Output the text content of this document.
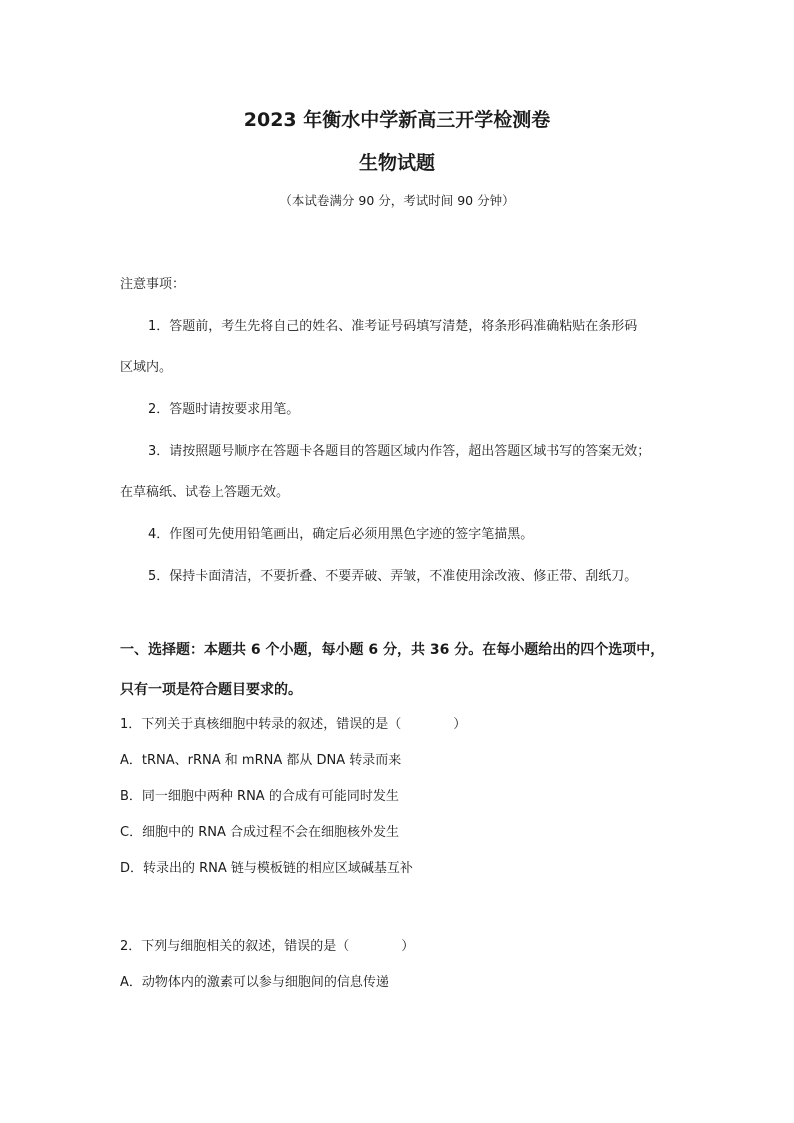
2023 年衡水中学新高三开学检测卷
生物试题
（本试卷满分 90 分，考试时间 90 分钟）
注意事项：
1．答题前，考生先将自己的姓名、准考证号码填写清楚，将条形码准确粘贴在条形码
区域内。
2．答题时请按要求用笔。
3．请按照题号顺序在答题卡各题目的答题区域内作答，超出答题区域书写的答案无效；
在草稿纸、试卷上答题无效。
4．作图可先使用铅笔画出，确定后必须用黑色字迹的签字笔描黑。
5．保持卡面清洁，不要折叠、不要弄破、弄皱，不准使用涂改液、修正带、刮纸刀。
一、选择题：本题共 6 个小题，每小题 6 分，共 36 分。在每小题给出的四个选项中，
只有一项是符合题目要求的。
1．下列关于真核细胞中转录的叙述，错误的是（	）
A．tRNA、rRNA 和 mRNA 都从 DNA 转录而来
B．同一细胞中两种 RNA 的合成有可能同时发生
C．细胞中的 RNA 合成过程不会在细胞核外发生
D．转录出的 RNA 链与模板链的相应区域碱基互补
2．下列与细胞相关的叙述，错误的是（	）
A．动物体内的激素可以参与细胞间的信息传递
